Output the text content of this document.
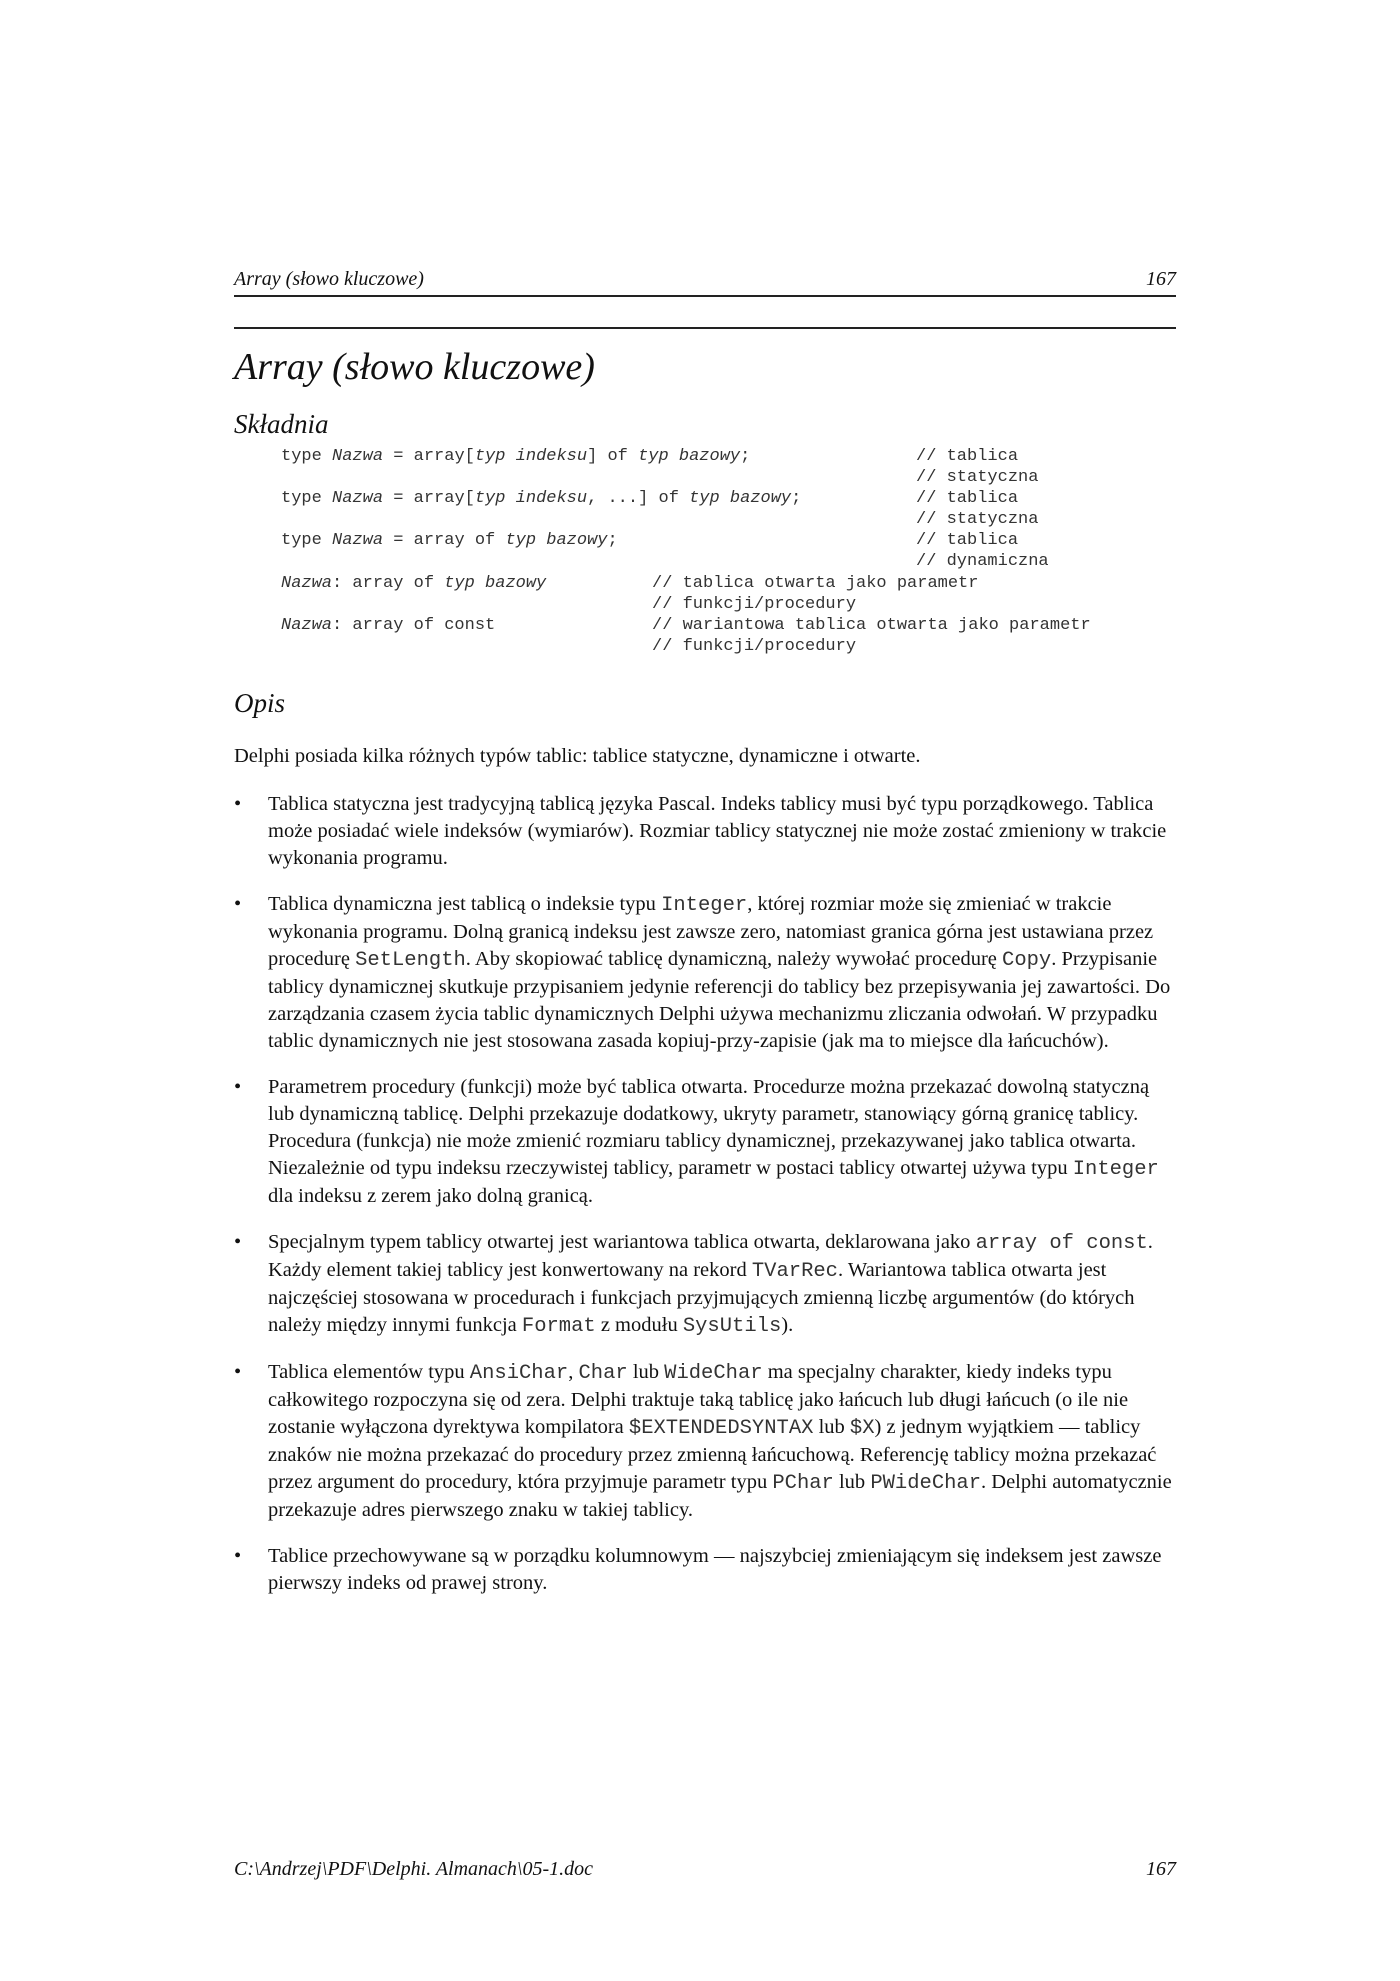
Array (słowo kluczowe)	167
Array (słowo kluczowe)
Składnia
type Nazwa = array[typ indeksu] of typ bazowy;	// tablica
// statyczna
type Nazwa = array[typ indeksu, ...] of typ bazowy;	// tablica
// statyczna
type Nazwa = array of typ bazowy;	// tablica
// dynamiczna
Nazwa: array of typ bazowy	// tablica otwarta jako parametr
// funkcji/procedury
Nazwa: array of const	// wariantowa tablica otwarta jako parametr
// funkcji/procedury
Opis

Delphi posiada kilka różnych typów tablic: tablice statyczne, dynamiczne i otwarte.

•	Tablica statyczna jest tradycyjną tablicą języka Pascal. Indeks tablicy musi być typu porządkowego. Tablica może posiadać wiele indeksów (wymiarów). Rozmiar tablicy statycznej nie może zostać zmieniony w trakcie wykonania programu.
•	Tablica dynamiczna jest tablicą o indeksie typu Integer, której rozmiar może się zmieniać w trakcie wykonania programu. Dolną granicą indeksu jest zawsze zero, natomiast granica górna jest ustawiana przez procedurę SetLength. Aby skopiować tablicę dynamiczną, należy wywołać procedurę Copy. Przypisanie tablicy dynamicznej skutkuje przypisaniem jedynie referencji do tablicy bez przepisywania jej zawartości. Do zarządzania czasem życia tablic dynamicznych Delphi używa mechanizmu zliczania odwołań. W przypadku tablic dynamicznych nie jest stosowana zasada kopiuj-przy-zapisie (jak ma to miejsce dla łańcuchów).
•	Parametrem procedury (funkcji) może być tablica otwarta. Procedurze można przekazać dowolną statyczną lub dynamiczną tablicę. Delphi przekazuje dodatkowy, ukryty parametr, stanowiący górną granicę tablicy. Procedura (funkcja) nie może zmienić rozmiaru tablicy dynamicznej, przekazywanej jako tablica otwarta. Niezależnie od typu indeksu rzeczywistej tablicy, parametr w postaci tablicy otwartej używa typu Integer dla indeksu z zerem jako dolną granicą.
•	Specjalnym typem tablicy otwartej jest wariantowa tablica otwarta, deklarowana jako array of const. Każdy element takiej tablicy jest konwertowany na rekord TVarRec. Wariantowa tablica otwarta jest najczęściej stosowana w procedurach i funkcjach przyjmujących zmienną liczbę argumentów (do których należy między innymi funkcja Format z modułu SysUtils).
•	Tablica elementów typu AnsiChar, Char lub WideChar ma specjalny charakter, kiedy indeks typu całkowitego rozpoczyna się od zera. Delphi traktuje taką tablicę jako łańcuch lub długi łańcuch (o ile nie zostanie wyłączona dyrektywa kompilatora $EXTENDEDSYNTAX lub $X) z jednym wyjątkiem — tablicy znaków nie można przekazać do procedury przez zmienną łańcuchową. Referencję tablicy można przekazać przez argument do procedury, która przyjmuje parametr typu PChar lub PWideChar. Delphi automatycznie przekazuje adres pierwszego znaku w takiej tablicy.
•	Tablice przechowywane są w porządku kolumnowym — najszybciej zmieniającym się indeksem jest zawsze pierwszy indeks od prawej strony.
C:\Andrzej\PDF\Delphi. Almanach\05-1.doc	167
